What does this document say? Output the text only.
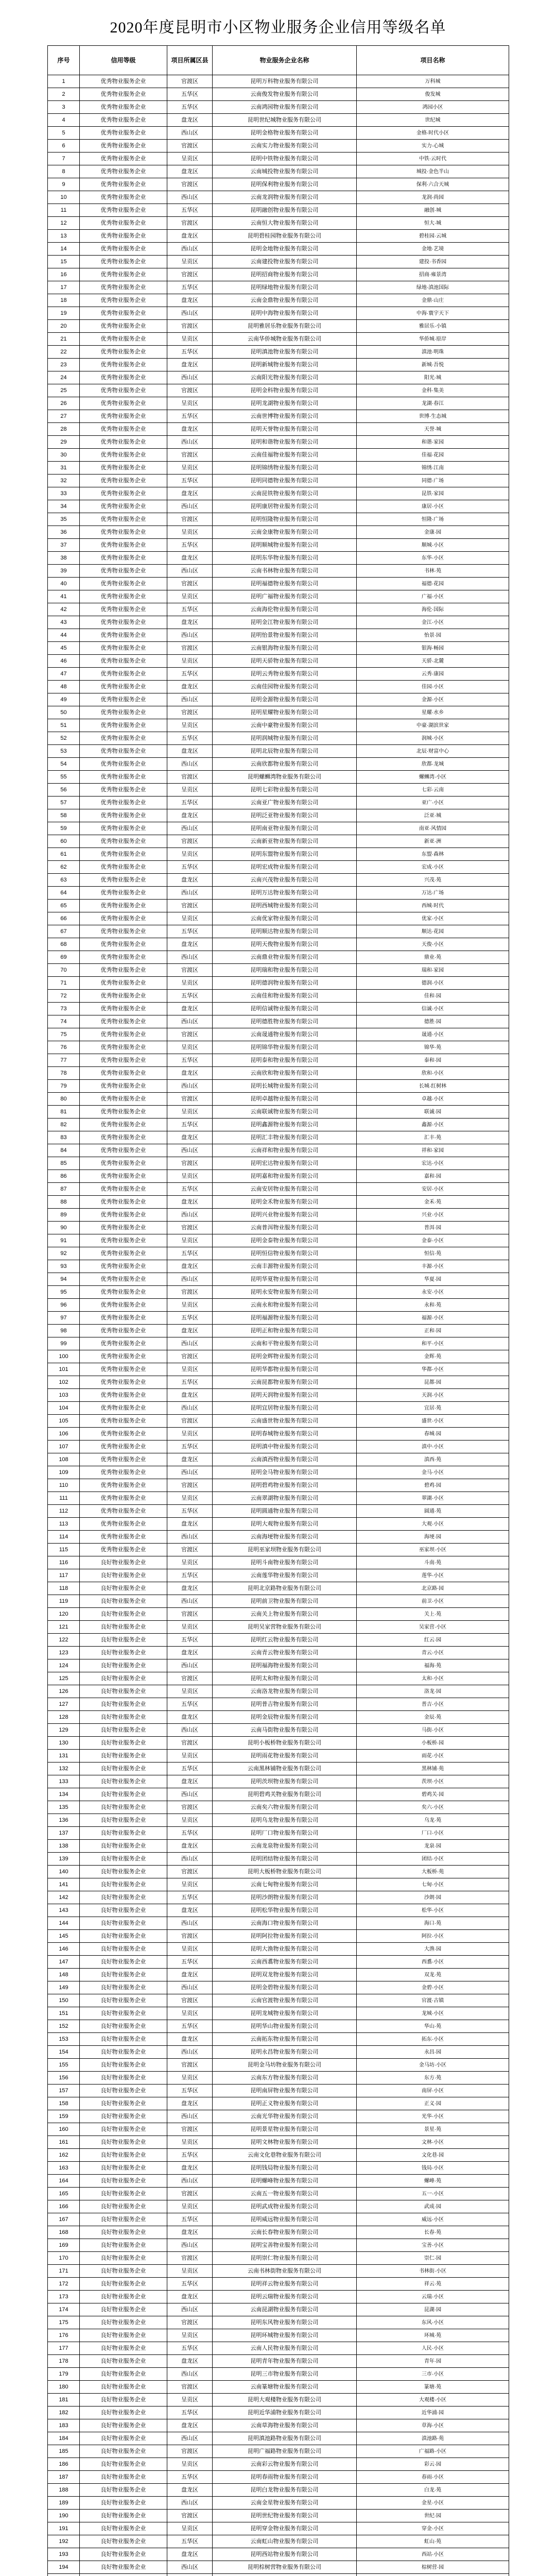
2020年度昆明市小区物业服务企业信用等级名单
序号	信用等级	项目所属区县	物业服务企业名称	项目名称
1	优秀物业服务企业	官渡区	昆明万科物业服务有限公司	万科城
2	优秀物业服务企业	五华区	云南俊发物业服务有限公司	俊发城
3	优秀物业服务企业	五华区	云南鸿园物业服务有限公司	鸿园小区
4	优秀物业服务企业	盘龙区	昆明世纪城物业服务有限公司	世纪城
5	优秀物业服务企业	西山区	昆明金格物业服务有限公司	金格·时代小区
6	优秀物业服务企业	官渡区	云南实力物业服务有限公司	实力·心城
7	优秀物业服务企业	呈贡区	昆明中铁物业服务有限公司	中铁·云时代
8	优秀物业服务企业	盘龙区	云南城投物业服务有限公司	城投·金色半山
9	优秀物业服务企业	官渡区	昆明保利物业服务有限公司	保利·六合天城
10	优秀物业服务企业	西山区	云南龙润物业服务有限公司	龙润·尚园
11	优秀物业服务企业	五华区	昆明融创物业服务有限公司	融创·城
12	优秀物业服务企业	官渡区	云南恒大物业服务有限公司	恒大·城
13	优秀物业服务企业	盘龙区	昆明碧桂园物业服务有限公司	碧桂园·云城
14	优秀物业服务企业	西山区	昆明金地物业服务有限公司	金地·艺境
15	优秀物业服务企业	呈贡区	云南建投物业服务有限公司	建投·书香园
16	优秀物业服务企业	官渡区	昆明招商物业服务有限公司	招商·雍景湾
17	优秀物业服务企业	五华区	昆明绿地物业服务有限公司	绿地·滇池国际
18	优秀物业服务企业	盘龙区	云南金鼎物业服务有限公司	金鼎·山庄
19	优秀物业服务企业	西山区	昆明中海物业服务有限公司	中海·寰宇天下
20	优秀物业服务企业	官渡区	昆明雅居乐物业服务有限公司	雅居乐·小镇
21	优秀物业服务企业	呈贡区	云南华侨城物业服务有限公司	华侨城·原岸
22	优秀物业服务企业	五华区	昆明滇池物业服务有限公司	滇池·明珠
23	优秀物业服务企业	盘龙区	昆明新城物业服务有限公司	新城·吾悦
24	优秀物业服务企业	西山区	云南阳光物业服务有限公司	阳光·城
25	优秀物业服务企业	官渡区	昆明金科物业服务有限公司	金科·集美
26	优秀物业服务企业	呈贡区	昆明龙湖物业服务有限公司	龙湖·春江
27	优秀物业服务企业	五华区	云南世博物业服务有限公司	世博·生态城
28	优秀物业服务企业	盘龙区	昆明天誉物业服务有限公司	天誉·城
29	优秀物业服务企业	西山区	昆明和谐物业服务有限公司	和谐·家园
30	优秀物业服务企业	官渡区	云南佳福物业服务有限公司	佳福·花园
31	优秀物业服务企业	呈贡区	昆明锦绣物业服务有限公司	锦绣·江南
32	优秀物业服务企业	五华区	昆明同德物业服务有限公司	同德·广场
33	优秀物业服务企业	盘龙区	云南昆铁物业服务有限公司	昆铁·家园
34	优秀物业服务企业	西山区	昆明康居物业服务有限公司	康居·小区
35	优秀物业服务企业	官渡区	昆明恒隆物业服务有限公司	恒隆·广场
36	优秀物业服务企业	呈贡区	云南金康物业服务有限公司	金康·园
37	优秀物业服务企业	五华区	昆明顺城物业服务有限公司	顺城·小区
38	优秀物业服务企业	盘龙区	昆明东华物业服务有限公司	东华·小区
39	优秀物业服务企业	西山区	云南书林物业服务有限公司	书林·苑
40	优秀物业服务企业	官渡区	昆明福德物业服务有限公司	福德·花园
41	优秀物业服务企业	呈贡区	昆明广福物业服务有限公司	广福·小区
42	优秀物业服务企业	五华区	云南海伦物业服务有限公司	海伦·国际
43	优秀物业服务企业	盘龙区	昆明金江物业服务有限公司	金江·小区
44	优秀物业服务企业	西山区	昆明怡景物业服务有限公司	怡景·园
45	优秀物业服务企业	官渡区	云南银海物业服务有限公司	银海·畅园
46	优秀物业服务企业	呈贡区	昆明天骄物业服务有限公司	天骄·北麓
47	优秀物业服务企业	五华区	昆明云秀物业服务有限公司	云秀·康园
48	优秀物业服务企业	盘龙区	云南佳园物业服务有限公司	佳园·小区
49	优秀物业服务企业	西山区	昆明金源物业服务有限公司	金源·小区
50	优秀物业服务企业	官渡区	昆明星耀物业服务有限公司	星耀·水乡
51	优秀物业服务企业	呈贡区	云南中豪物业服务有限公司	中豪·湖滨世家
52	优秀物业服务企业	五华区	昆明润城物业服务有限公司	润城·小区
53	优秀物业服务企业	盘龙区	昆明北辰物业服务有限公司	北辰·财富中心
54	优秀物业服务企业	西山区	云南欣都物业服务有限公司	欣都·龙城
55	优秀物业服务企业	官渡区	昆明螺蛳湾物业服务有限公司	螺蛳湾·小区
56	优秀物业服务企业	呈贡区	昆明七彩物业服务有限公司	七彩·云南
57	优秀物业服务企业	五华区	云南亚广物业服务有限公司	亚广·小区
58	优秀物业服务企业	盘龙区	昆明泛亚物业服务有限公司	泛亚·城
59	优秀物业服务企业	西山区	昆明南亚物业服务有限公司	南亚·风情园
60	优秀物业服务企业	官渡区	云南新亚物业服务有限公司	新亚·洲
61	优秀物业服务企业	呈贡区	昆明东盟物业服务有限公司	东盟·森林
62	优秀物业服务企业	五华区	昆明宏成物业服务有限公司	宏成·小区
63	优秀物业服务企业	盘龙区	云南兴茂物业服务有限公司	兴茂·苑
64	优秀物业服务企业	西山区	昆明万达物业服务有限公司	万达·广场
65	优秀物业服务企业	官渡区	昆明西城物业服务有限公司	西城·时代
66	优秀物业服务企业	呈贡区	云南优家物业服务有限公司	优家·小区
67	优秀物业服务企业	五华区	昆明顺达物业服务有限公司	顺达·花园
68	优秀物业服务企业	盘龙区	昆明天俊物业服务有限公司	天俊·小区
69	优秀物业服务企业	西山区	云南鼎业物业服务有限公司	鼎业·苑
70	优秀物业服务企业	官渡区	昆明瑞和物业服务有限公司	瑞和·家园
71	优秀物业服务企业	呈贡区	昆明德润物业服务有限公司	德润·小区
72	优秀物业服务企业	五华区	云南佳和物业服务有限公司	佳和·园
73	优秀物业服务企业	盘龙区	昆明信诚物业服务有限公司	信诚·小区
74	优秀物业服务企业	西山区	昆明德胜物业服务有限公司	德胜·园
75	优秀物业服务企业	官渡区	云南晟通物业服务有限公司	晟通·小区
76	优秀物业服务企业	呈贡区	昆明锦华物业服务有限公司	锦华·苑
77	优秀物业服务企业	五华区	昆明泰和物业服务有限公司	泰和·园
78	优秀物业服务企业	盘龙区	云南欣和物业服务有限公司	欣和·小区
79	优秀物业服务企业	西山区	昆明长城物业服务有限公司	长城·红树林
80	优秀物业服务企业	官渡区	昆明卓越物业服务有限公司	卓越·小区
81	优秀物业服务企业	呈贡区	云南联诚物业服务有限公司	联诚·园
82	优秀物业服务企业	五华区	昆明鑫源物业服务有限公司	鑫源·小区
83	优秀物业服务企业	盘龙区	昆明汇丰物业服务有限公司	汇丰·苑
84	优秀物业服务企业	西山区	云南祥和物业服务有限公司	祥和·家园
85	优秀物业服务企业	官渡区	昆明宏达物业服务有限公司	宏达·小区
86	优秀物业服务企业	呈贡区	昆明嘉和物业服务有限公司	嘉和·园
87	优秀物业服务企业	五华区	云南安居物业服务有限公司	安居·小区
88	优秀物业服务企业	盘龙区	昆明金禾物业服务有限公司	金禾·苑
89	优秀物业服务企业	西山区	昆明兴业物业服务有限公司	兴业·小区
90	优秀物业服务企业	官渡区	云南普洱物业服务有限公司	普洱·园
91	优秀物业服务企业	呈贡区	昆明金泰物业服务有限公司	金泰·小区
92	优秀物业服务企业	五华区	昆明恒信物业服务有限公司	恒信·苑
93	优秀物业服务企业	盘龙区	云南丰源物业服务有限公司	丰源·小区
94	优秀物业服务企业	西山区	昆明华夏物业服务有限公司	华夏·园
95	优秀物业服务企业	官渡区	昆明永安物业服务有限公司	永安·小区
96	优秀物业服务企业	呈贡区	云南永和物业服务有限公司	永和·苑
97	优秀物业服务企业	五华区	昆明福源物业服务有限公司	福源·小区
98	优秀物业服务企业	盘龙区	昆明正和物业服务有限公司	正和·园
99	优秀物业服务企业	西山区	云南和平物业服务有限公司	和平·小区
100	优秀物业服务企业	官渡区	昆明金辉物业服务有限公司	金辉·苑
101	优秀物业服务企业	呈贡区	昆明华都物业服务有限公司	华都·小区
102	优秀物业服务企业	五华区	云南昆都物业服务有限公司	昆都·园
103	优秀物业服务企业	盘龙区	昆明天润物业服务有限公司	天润·小区
104	优秀物业服务企业	西山区	昆明宜居物业服务有限公司	宜居·苑
105	优秀物业服务企业	官渡区	云南盛世物业服务有限公司	盛世·小区
106	优秀物业服务企业	呈贡区	昆明春城物业服务有限公司	春城·园
107	优秀物业服务企业	五华区	昆明滇中物业服务有限公司	滇中·小区
108	优秀物业服务企业	盘龙区	云南滇西物业服务有限公司	滇西·苑
109	优秀物业服务企业	西山区	昆明金马物业服务有限公司	金马·小区
110	优秀物业服务企业	官渡区	昆明碧鸡物业服务有限公司	碧鸡·园
111	优秀物业服务企业	呈贡区	云南翠湖物业服务有限公司	翠湖·小区
112	优秀物业服务企业	五华区	昆明圆通物业服务有限公司	圆通·苑
113	优秀物业服务企业	盘龙区	昆明大观物业服务有限公司	大观·小区
114	优秀物业服务企业	西山区	云南海埂物业服务有限公司	海埂·园
115	优秀物业服务企业	官渡区	昆明巫家坝物业服务有限公司	巫家坝·小区
116	良好物业服务企业	呈贡区	昆明斗南物业服务有限公司	斗南·苑
117	良好物业服务企业	五华区	云南莲华物业服务有限公司	莲华·小区
118	良好物业服务企业	盘龙区	昆明北京路物业服务有限公司	北京路·园
119	良好物业服务企业	西山区	昆明前卫物业服务有限公司	前卫·小区
120	良好物业服务企业	官渡区	云南关上物业服务有限公司	关上·苑
121	良好物业服务企业	呈贡区	昆明吴家营物业服务有限公司	吴家营·小区
122	良好物业服务企业	五华区	昆明红云物业服务有限公司	红云·园
123	良好物业服务企业	盘龙区	云南青云物业服务有限公司	青云·小区
124	良好物业服务企业	西山区	昆明福海物业服务有限公司	福海·苑
125	良好物业服务企业	官渡区	昆明太和物业服务有限公司	太和·小区
126	良好物业服务企业	呈贡区	云南洛龙物业服务有限公司	洛龙·园
127	良好物业服务企业	五华区	昆明普吉物业服务有限公司	普吉·小区
128	良好物业服务企业	盘龙区	昆明金辰物业服务有限公司	金辰·苑
129	良好物业服务企业	西山区	云南马街物业服务有限公司	马街·小区
130	良好物业服务企业	官渡区	昆明小板桥物业服务有限公司	小板桥·园
131	良好物业服务企业	呈贡区	昆明雨花物业服务有限公司	雨花·小区
132	良好物业服务企业	五华区	云南黑林铺物业服务有限公司	黑林铺·苑
133	良好物业服务企业	盘龙区	昆明茨坝物业服务有限公司	茨坝·小区
134	良好物业服务企业	西山区	昆明碧鸡关物业服务有限公司	碧鸡关·园
135	良好物业服务企业	官渡区	云南矣六物业服务有限公司	矣六·小区
136	良好物业服务企业	呈贡区	昆明乌龙物业服务有限公司	乌龙·苑
137	良好物业服务企业	五华区	昆明厂口物业服务有限公司	厂口·小区
138	良好物业服务企业	盘龙区	云南龙泉物业服务有限公司	龙泉·园
139	良好物业服务企业	西山区	昆明团结物业服务有限公司	团结·小区
140	良好物业服务企业	官渡区	昆明大板桥物业服务有限公司	大板桥·苑
141	良好物业服务企业	呈贡区	云南七甸物业服务有限公司	七甸·小区
142	良好物业服务企业	五华区	昆明沙朗物业服务有限公司	沙朗·园
143	良好物业服务企业	盘龙区	昆明松华物业服务有限公司	松华·小区
144	良好物业服务企业	西山区	云南海口物业服务有限公司	海口·苑
145	良好物业服务企业	官渡区	昆明阿拉物业服务有限公司	阿拉·小区
146	良好物业服务企业	呈贡区	昆明大渔物业服务有限公司	大渔·园
147	良好物业服务企业	五华区	云南西翥物业服务有限公司	西翥·小区
148	良好物业服务企业	盘龙区	昆明双龙物业服务有限公司	双龙·苑
149	良好物业服务企业	西山区	昆明金碧物业服务有限公司	金碧·小区
150	良好物业服务企业	官渡区	云南官渡物业服务有限公司	官渡·古镇
151	良好物业服务企业	呈贡区	昆明龙城物业服务有限公司	龙城·小区
152	良好物业服务企业	五华区	昆明华山物业服务有限公司	华山·苑
153	良好物业服务企业	盘龙区	云南拓东物业服务有限公司	拓东·小区
154	良好物业服务企业	西山区	昆明永昌物业服务有限公司	永昌·园
155	良好物业服务企业	官渡区	昆明金马坊物业服务有限公司	金马坊·小区
156	良好物业服务企业	呈贡区	云南东方物业服务有限公司	东方·苑
157	良好物业服务企业	五华区	昆明南屏物业服务有限公司	南屏·小区
158	良好物业服务企业	盘龙区	昆明正义物业服务有限公司	正义·园
159	良好物业服务企业	西山区	云南光华物业服务有限公司	光华·小区
160	良好物业服务企业	官渡区	昆明景星物业服务有限公司	景星·苑
161	良好物业服务企业	呈贡区	昆明文林物业服务有限公司	文林·小区
162	良好物业服务企业	五华区	云南文化巷物业服务有限公司	文化巷·园
163	良好物业服务企业	盘龙区	昆明钱局物业服务有限公司	钱局·小区
164	良好物业服务企业	西山区	昆明螺峰物业服务有限公司	螺峰·苑
165	良好物业服务企业	官渡区	云南五一物业服务有限公司	五一·小区
166	良好物业服务企业	呈贡区	昆明武成物业服务有限公司	武成·园
167	良好物业服务企业	五华区	昆明威远物业服务有限公司	威远·小区
168	良好物业服务企业	盘龙区	云南长春物业服务有限公司	长春·苑
169	良好物业服务企业	西山区	昆明宝善物业服务有限公司	宝善·小区
170	良好物业服务企业	官渡区	昆明崇仁物业服务有限公司	崇仁·园
171	良好物业服务企业	呈贡区	云南书林街物业服务有限公司	书林街·小区
172	良好物业服务企业	五华区	昆明祥云物业服务有限公司	祥云·苑
173	良好物业服务企业	盘龙区	昆明云瑞物业服务有限公司	云瑞·小区
174	良好物业服务企业	西山区	云南昆湖物业服务有限公司	昆湖·园
175	良好物业服务企业	官渡区	昆明东风物业服务有限公司	东风·小区
176	良好物业服务企业	呈贡区	昆明环城物业服务有限公司	环城·苑
177	良好物业服务企业	五华区	云南人民物业服务有限公司	人民·小区
178	良好物业服务企业	盘龙区	昆明青年物业服务有限公司	青年·园
179	良好物业服务企业	西山区	昆明三市物业服务有限公司	三市·小区
180	良好物业服务企业	官渡区	云南篆塘物业服务有限公司	篆塘·苑
181	良好物业服务企业	呈贡区	昆明大观楼物业服务有限公司	大观楼·小区
182	良好物业服务企业	五华区	昆明近华浦物业服务有限公司	近华浦·园
183	良好物业服务企业	盘龙区	云南草海物业服务有限公司	草海·小区
184	良好物业服务企业	西山区	昆明滇池路物业服务有限公司	滇池路·苑
185	良好物业服务企业	官渡区	昆明广福路物业服务有限公司	广福路·小区
186	良好物业服务企业	呈贡区	云南彩云物业服务有限公司	彩云·园
187	良好物业服务企业	五华区	昆明春雨物业服务有限公司	春雨·小区
188	良好物业服务企业	盘龙区	昆明白龙物业服务有限公司	白龙·苑
189	良好物业服务企业	西山区	云南金星物业服务有限公司	金星·小区
190	良好物业服务企业	官渡区	昆明世纪物业服务有限公司	世纪·园
191	良好物业服务企业	呈贡区	昆明穿金物业服务有限公司	穿金·小区
192	良好物业服务企业	五华区	云南虹山物业服务有限公司	虹山·苑
193	良好物业服务企业	盘龙区	昆明西站物业服务有限公司	西站·小区
194	良好物业服务企业	西山区	昆明棕树营物业服务有限公司	棕树营·园
